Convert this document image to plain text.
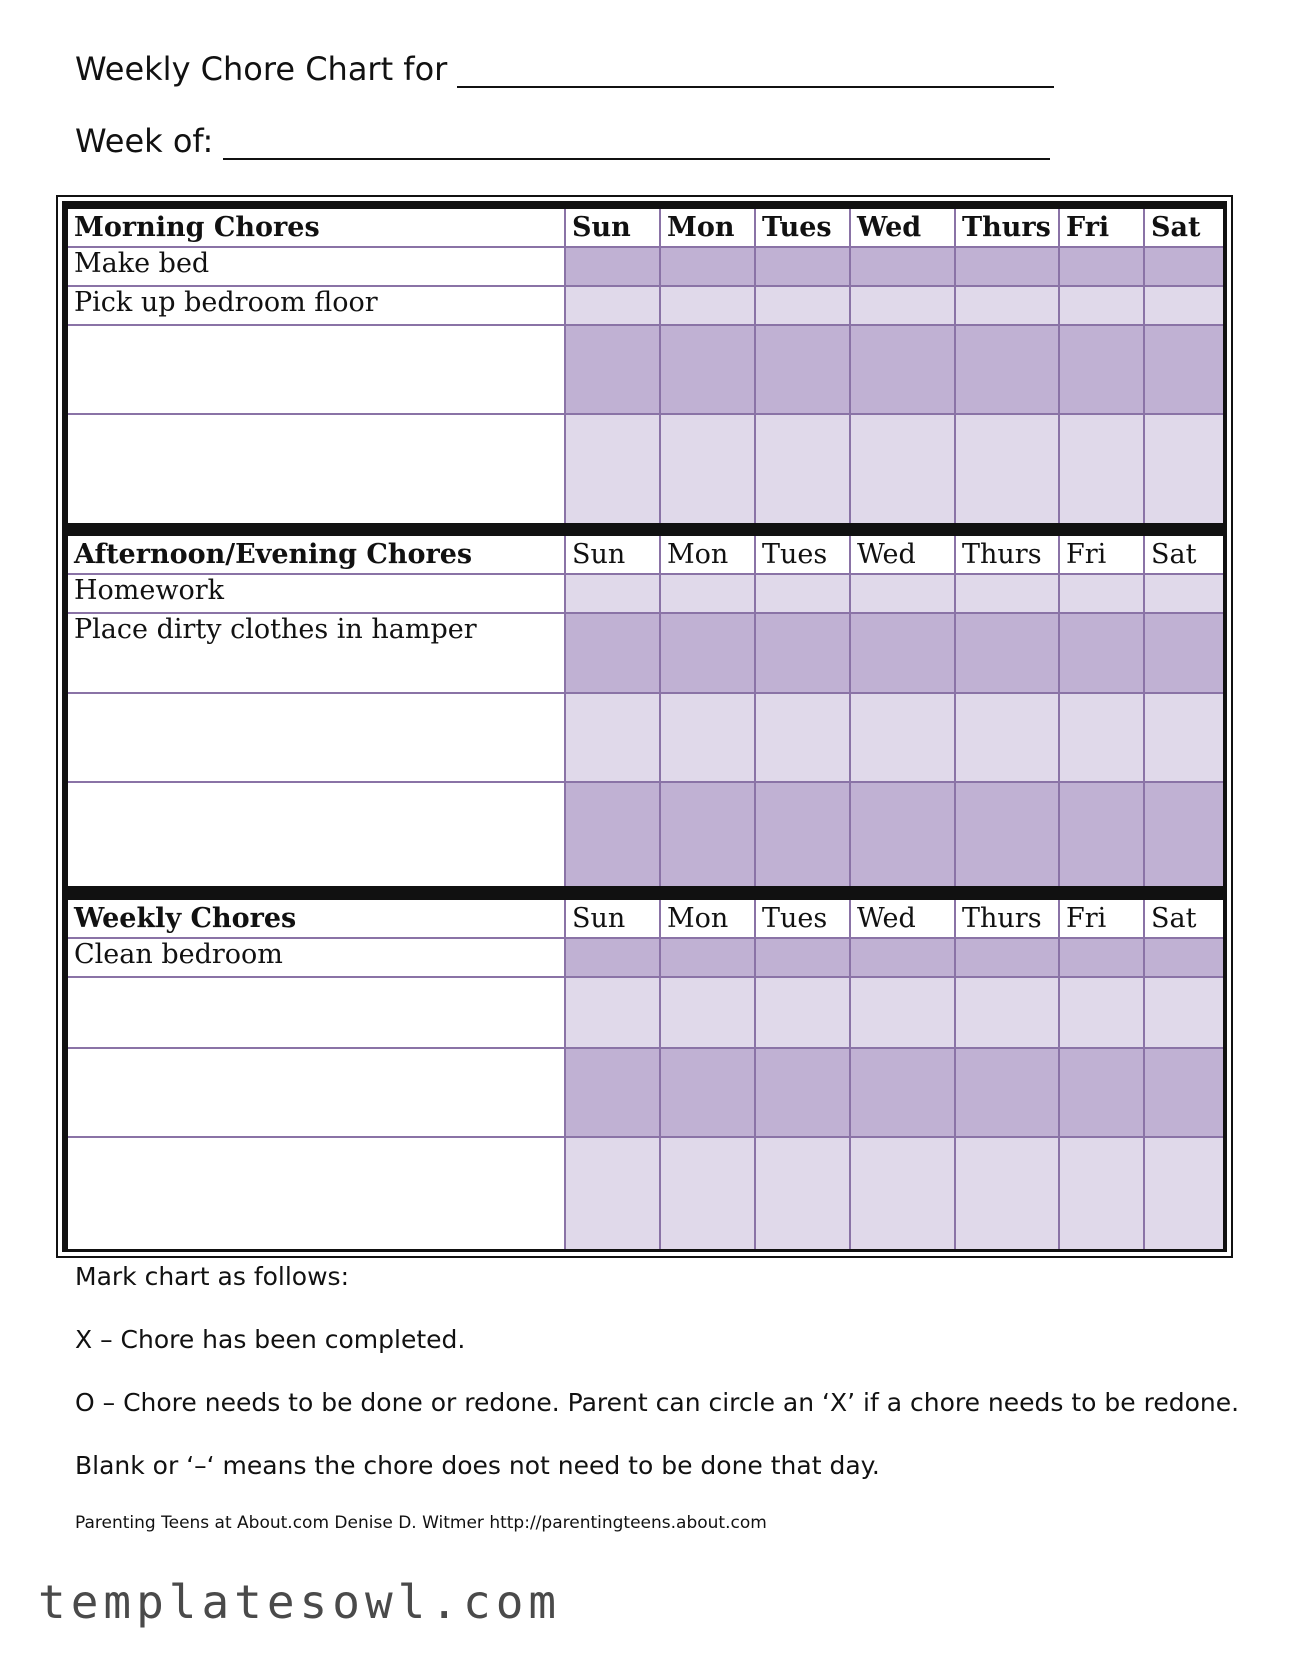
Weekly Chore Chart for
Week of:
Morning Chores	Sun	Mon	Tues	Wed	Thurs	Fri	Sat
Make bed							
Pick up bedroom floor							

Afternoon/Evening Chores	Sun	Mon	Tues	Wed	Thurs	Fri	Sat
Homework							
Place dirty clothes in hamper							

Weekly Chores	Sun	Mon	Tues	Wed	Thurs	Fri	Sat
Clean bedroom							

Mark chart as follows:
X – Chore has been completed.
O – Chore needs to be done or redone. Parent can circle an ‘X’ if a chore needs to be redone.
Blank or ‘–‘ means the chore does not need to be done that day.
Parenting Teens at About.com Denise D. Witmer http://parentingteens.about.com
templatesowl.com
